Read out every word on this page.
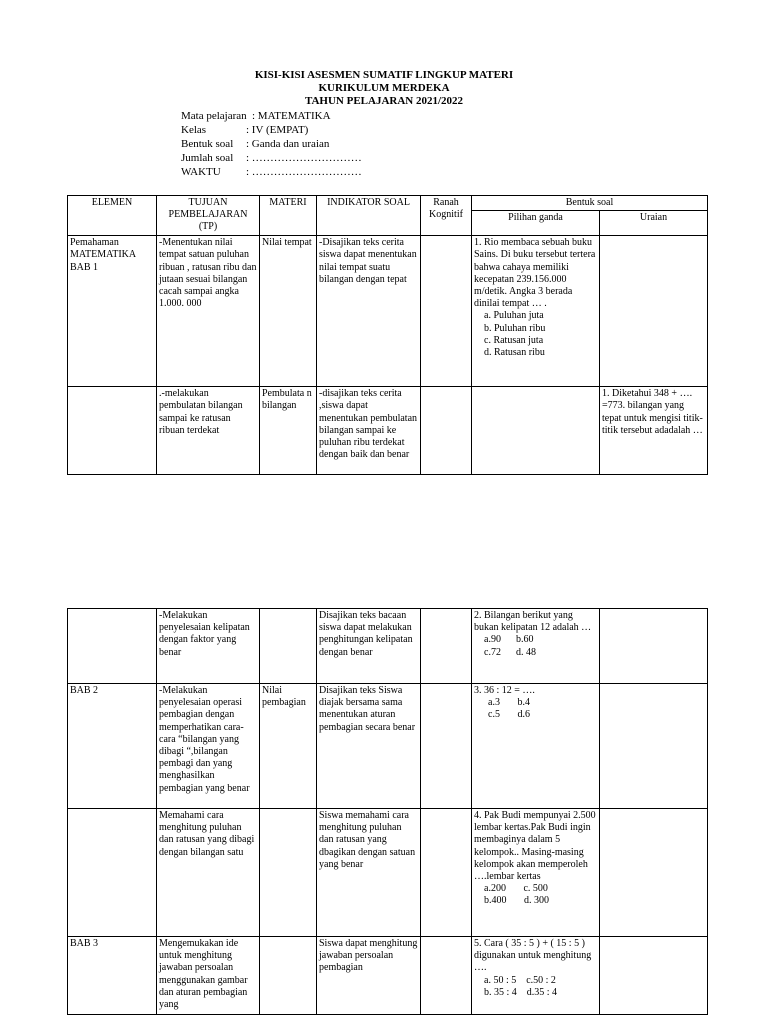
KISI-KISI ASESMEN SUMATIF LINGKUP MATERI
KURIKULUM MERDEKA
TAHUN PELAJARAN 2021/2022
Mata pelajaran : MATEMATIKA
Kelas	: IV (EMPAT)
Bentuk soal : Ganda dan uraian
Jumlah soal : …………………………
WAKTU : …………………………
ELEMEN	TUJUAN PEMBELAJARAN (TP)	MATERI	INDIKATOR SOAL	Ranah Kognitif	Bentuk soal	
					Pilihan ganda	Uraian
Pemahaman MATEMATIKA BAB 1	-Menentukan nilai tempat satuan puluhan ribuan , ratusan ribu dan jutaan sesuai bilangan cacah sampai angka 1.000. 000	Nilai tempat	-Disajikan teks cerita siswa dapat menentukan nilai tempat suatu bilangan dengan tepat		1. Rio membaca sebuah buku Sains. Di buku tersebut tertera bahwa cahaya memiliki kecepatan 239.156.000 m/detik. Angka 3 berada dinilai tempat … .
a. Puluhan juta
b. Puluhan ribu
c. Ratusan juta
d. Ratusan ribu	

	.-melakukan pembulatan bilangan sampai ke ratusan ribuan terdekat	Pembulata n bilangan	-disajikan teks cerita ,siswa dapat menentukan pembulatan bilangan sampai ke puluhan ribu terdekat dengan baik dan benar			1. Diketahui 348 + …. =773. bilangan yang tepat untuk mengisi titik-titik tersebut adadalah …
	-Melakukan penyelesaian kelipatan dengan faktor yang benar		Disajikan teks bacaan siswa dapat melakukan penghitungan kelipatan dengan benar		2. Bilangan berikut yang bukan kelipatan 12 adalah …
a.90      b.60
c.72      d. 48	

BAB 2	-Melakukan penyelesaian operasi pembagian dengan memperhatikan cara-cara “bilangan yang dibagi “,bilangan pembagi dan yang menghasilkan pembagian yang benar	Nilai pembagian	Disajikan teks Siswa diajak bersama sama menentukan aturan pembagian secara benar		3. 36 : 12 = ….
a.3       b.4
c.5       d.6	

	Memahami cara menghitung puluhan dan ratusan yang dibagi dengan bilangan satu		Siswa memahami cara menghitung puluhan dan ratusan yang dbagikan dengan satuan yang benar		4. Pak Budi mempunyai 2.500 lembar kertas.Pak Budi ingin membaginya dalam 5 kelompok.. Masing-masing kelompok akan memperoleh ….lembar kertas
a.200       c. 500
b.400       d. 300	

BAB 3	Mengemukakan ide untuk menghitung jawaban persoalan menggunakan gambar dan aturan pembagian yang		Siswa dapat menghitung jawaban persoalan pembagian		5. Cara ( 35 : 5 ) + ( 15 : 5 ) digunakan untuk menghitung ….
a. 50 : 5    c.50 : 2
b. 35 : 4    d.35 : 4	
